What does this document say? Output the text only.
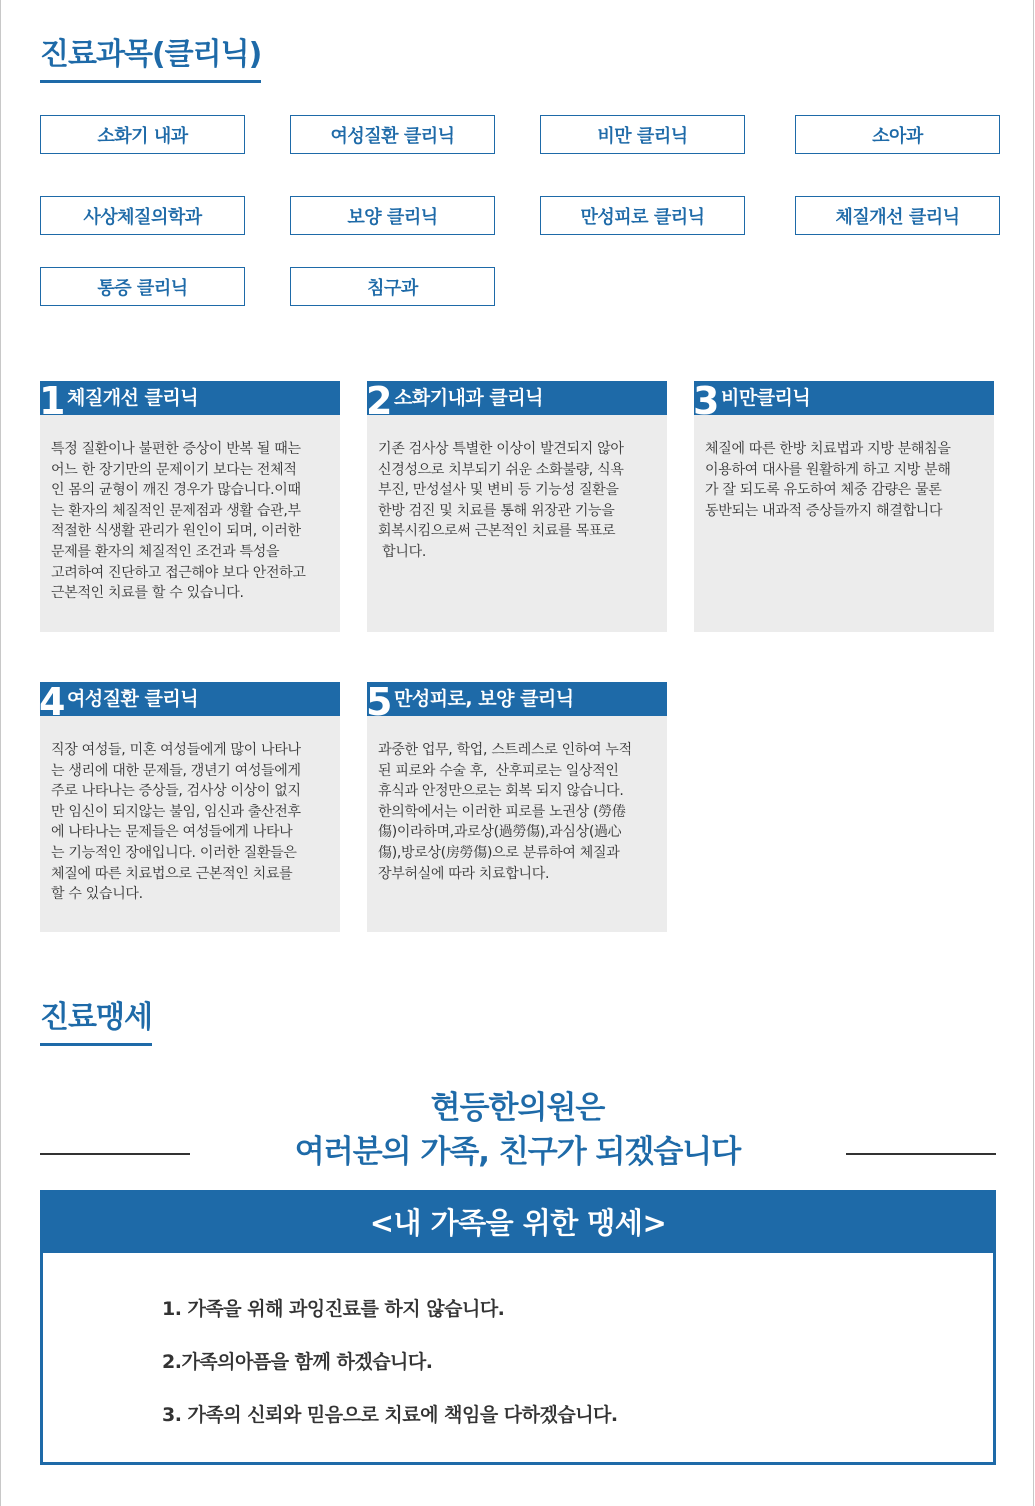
진료과목(클리닉)
소화기 내과	여성질환 클리닉	비만 클리닉	소아과
사상체질의학과	보양 클리닉	만성피로 클리닉	체질개선 클리닉
통증 클리닉	침구과
1 체질개선 클리닉
특정 질환이나 불편한 증상이 반복 될 때는
어느 한 장기만의 문제이기 보다는 전체적
인 몸의 균형이 깨진 경우가 많습니다.이때
는 환자의 체질적인 문제점과 생활 습관,부
적절한 식생활 관리가 원인이 되며, 이러한
문제를 환자의 체질적인 조건과 특성을
고려하여 진단하고 접근해야 보다 안전하고
근본적인 치료를 할 수 있습니다.
2 소화기내과 클리닉
기존 검사상 특별한 이상이 발견되지 않아
신경성으로 치부되기 쉬운 소화불량, 식욕
부진, 만성설사 및 변비 등 기능성 질환을
한방 검진 및 치료를 통해 위장관 기능을
회복시킴으로써 근본적인 치료를 목표로
합니다.
3 비만클리닉
체질에 따른 한방 치료법과 지방 분해침을
이용하여 대사를 원활하게 하고 지방 분해
가 잘 되도록 유도하여 체중 감량은 물론
동반되는 내과적 증상들까지 해결합니다
4 여성질환 클리닉
직장 여성들, 미혼 여성들에게 많이 나타나
는 생리에 대한 문제들, 갱년기 여성들에게
주로 나타나는 증상들, 검사상 이상이 없지
만 임신이 되지않는 불임, 임신과 출산전후
에 나타나는 문제들은 여성들에게 나타나
는 기능적인 장애입니다. 이러한 질환들은
체질에 따른 치료법으로 근본적인 치료를
할 수 있습니다.
5 만성피로, 보양 클리닉
과중한 업무, 학업, 스트레스로 인하여 누적
된 피로와 수술 후,  산후피로는 일상적인
휴식과 안정만으로는 회복 되지 않습니다.
한의학에서는 이러한 피로를 노권상 (勞倦
傷)이라하며,과로상(過勞傷),과심상(過心
傷),방로상(房勞傷)으로 분류하여 체질과
장부허실에 따라 치료합니다.
진료맹세

현등한의원은

여러분의 가족, 친구가 되겠습니다

<내 가족을 위한 맹세>
1. 가족을 위해 과잉진료를 하지 않습니다.
2.가족의아픔을 함께 하겠습니다.
3. 가족의 신뢰와 믿음으로 치료에 책임을 다하겠습니다.
